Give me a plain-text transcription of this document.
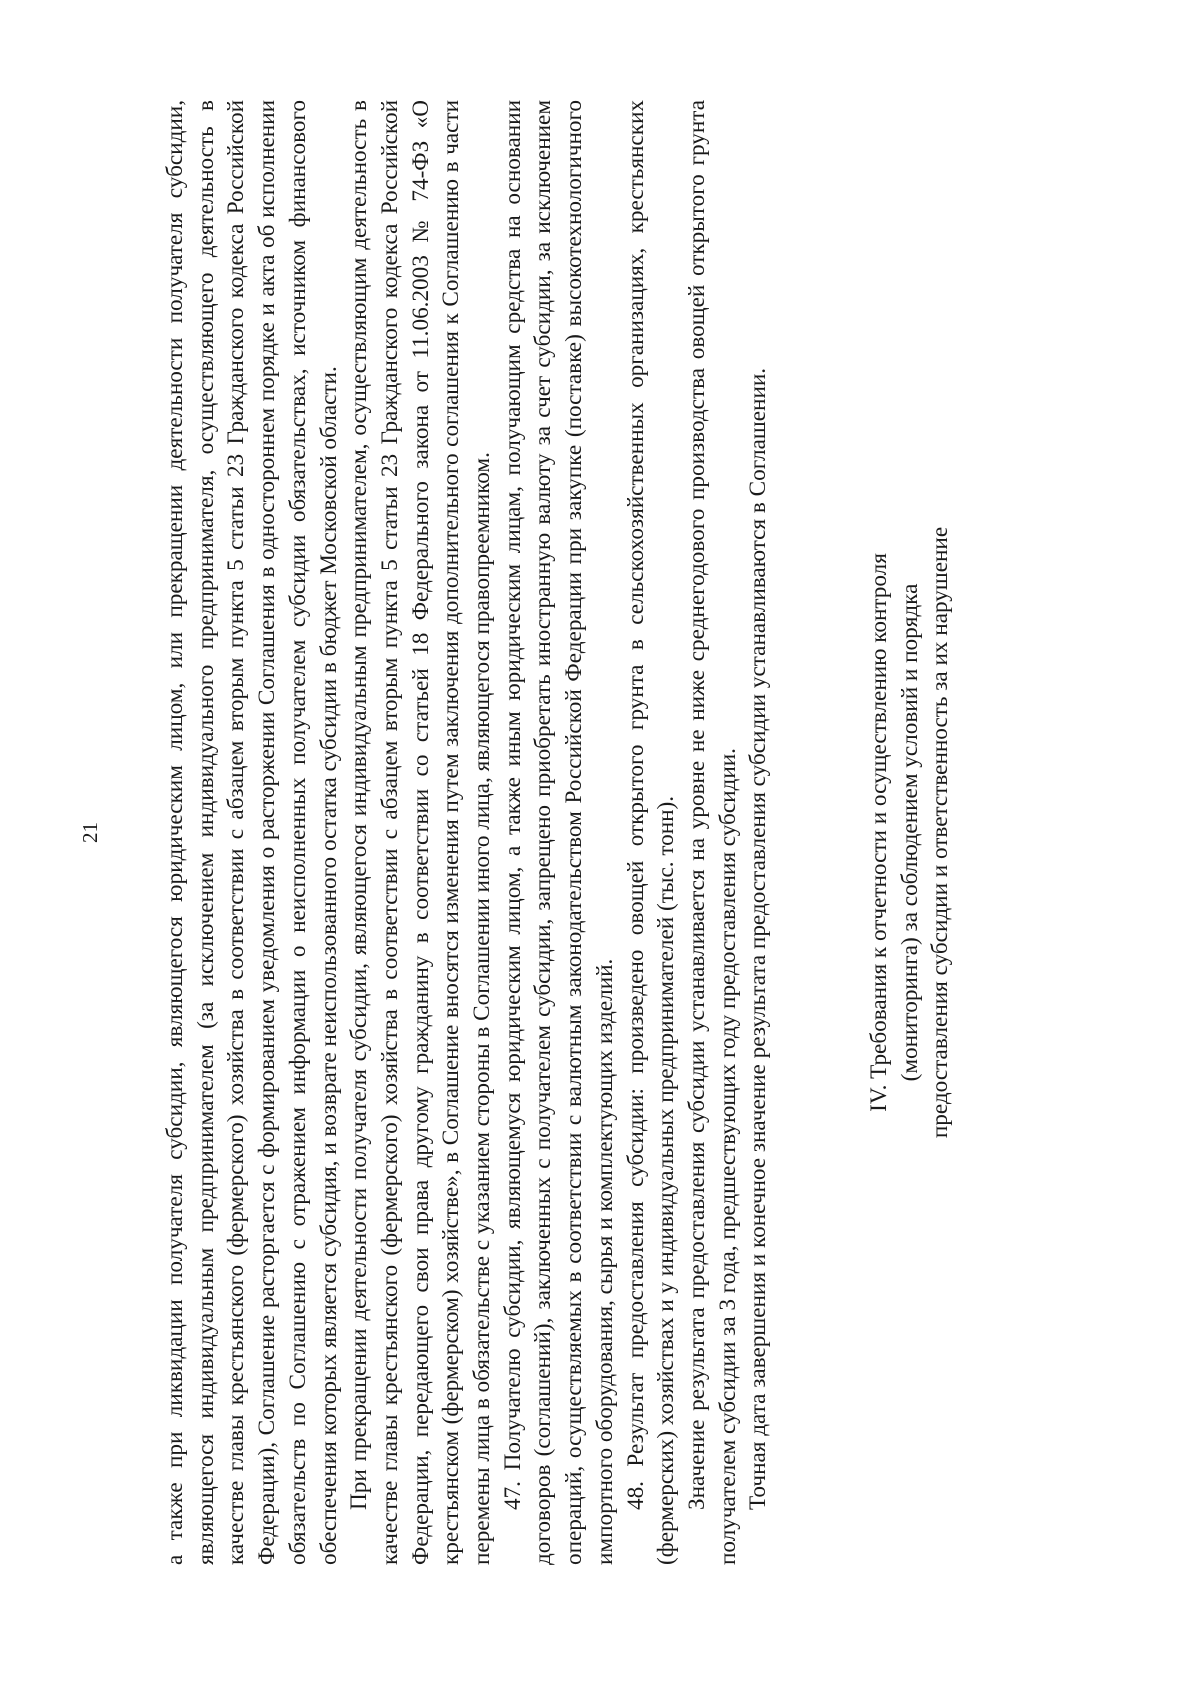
21	а также при ликвидации получателя субсидии, являющегося юридическим лицом, или прекращении деятельности получателя субсидии, являющегося индивидуальным предпринимателем (за исключением индивидуального предпринимателя, осуществляющего деятельность в качестве главы крестьянского (фермерского) хозяйства в соответствии с абзацем вторым пункта 5 статьи 23 Гражданского кодекса Российской Федерации), Соглашение расторгается с формированием уведомления о расторжении Соглашения в одностороннем порядке и акта об исполнении обязательств по Соглашению с отражением информации о неисполненных получателем субсидии обязательствах, источником финансового обеспечения которых является субсидия, и возврате неиспользованного остатка субсидии в бюджет Московской области. При прекращении деятельности получателя субсидии, являющегося индивидуальным предпринимателем, осуществляющим деятельность в качестве главы крестьянского (фермерского) хозяйства в соответствии с абзацем вторым пункта 5 статьи 23 Гражданского кодекса Российской Федерации, передающего свои права другому гражданину в соответствии со статьей 18 Федерального закона от 11.06.2003 № 74-ФЗ «О крестьянском (фермерском) хозяйстве», в Соглашение вносятся изменения путем заключения дополнительного соглашения к Соглашению в части перемены лица в обязательстве с указанием стороны в Соглашении иного лица, являющегося правопреемником. 47. Получателю субсидии, являющемуся юридическим лицом, а также иным юридическим лицам, получающим средства на основании договоров (соглашений), заключенных с получателем субсидии, запрещено приобретать иностранную валюту за счет субсидии, за исключением операций, осуществляемых в соответствии с валютным законодательством Российской Федерации при закупке (поставке) высокотехнологичного импортного оборудования, сырья и комплектующих изделий. 48. Результат предоставления субсидии: произведено овощей открытого грунта в сельскохозяйственных организациях, крестьянских (фермерских) хозяйствах и у индивидуальных предпринимателей (тыс. тонн). Значение результата предоставления субсидии устанавливается на уровне не ниже среднегодового производства овощей открытого грунта получателем субсидии за 3 года, предшествующих году предоставления субсидии. Точная дата завершения и конечное значение результата предоставления субсидии устанавливаются в Соглашении.	IV. Требования к отчетности и осуществлению контроля (мониторинга) за соблюдением условий и порядка предоставления субсидии и ответственность за их нарушение
